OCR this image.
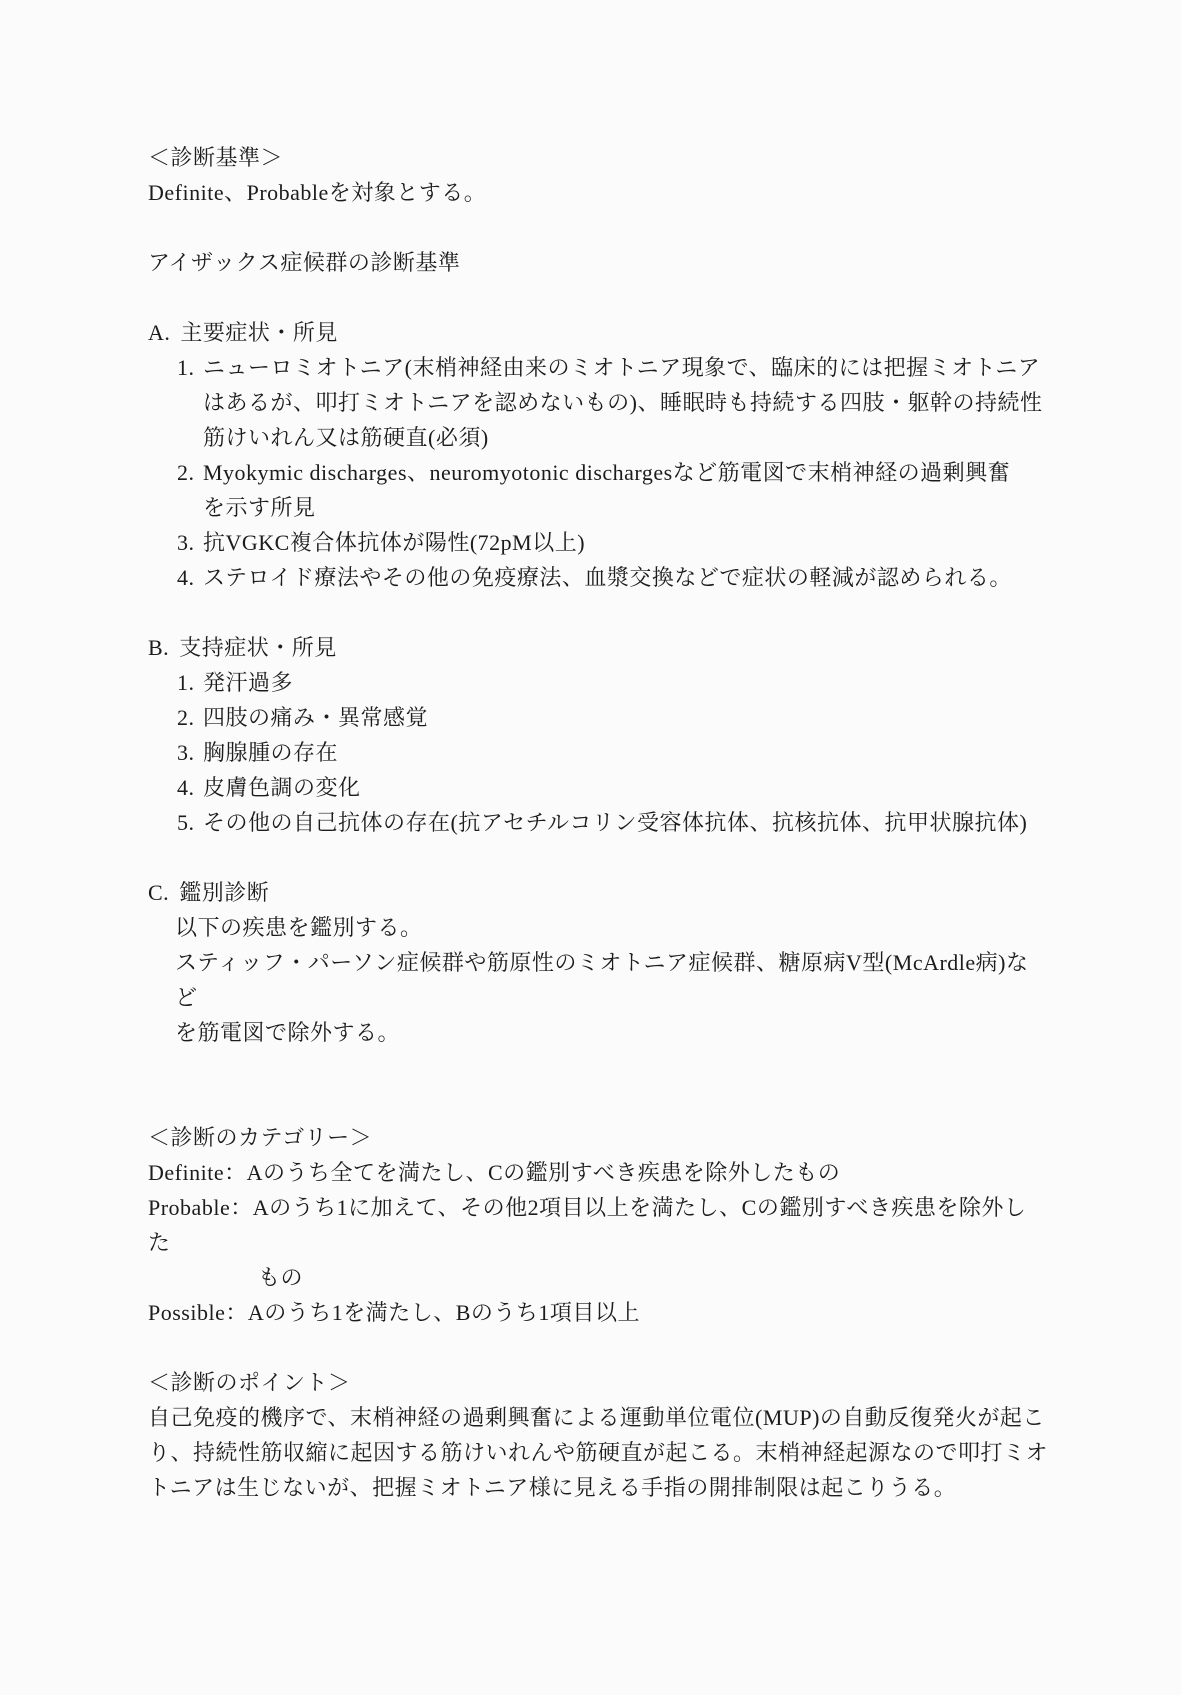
＜診断基準＞
Definite、Probableを対象とする。
アイザックス症候群の診断基準
A. 主要症状・所見
1. ニューロミオトニア(末梢神経由来のミオトニア現象で、臨床的には把握ミオトニア
はあるが、叩打ミオトニアを認めないもの)、睡眠時も持続する四肢・躯幹の持続性
筋けいれん又は筋硬直(必須)
2. Myokymic discharges、neuromyotonic dischargesなど筋電図で末梢神経の過剰興奮
を示す所見
3. 抗VGKC複合体抗体が陽性(72pM以上)
4. ステロイド療法やその他の免疫療法、血漿交換などで症状の軽減が認められる。
B. 支持症状・所見
1. 発汗過多
2. 四肢の痛み・異常感覚
3. 胸腺腫の存在
4. 皮膚色調の変化
5. その他の自己抗体の存在(抗アセチルコリン受容体抗体、抗核抗体、抗甲状腺抗体)
C. 鑑別診断
以下の疾患を鑑別する。
スティッフ・パーソン症候群や筋原性のミオトニア症候群、糖原病V型(McArdle病)など
を筋電図で除外する。
＜診断のカテゴリー＞
Definite：Aのうち全てを満たし、Cの鑑別すべき疾患を除外したもの
Probable：Aのうち1に加えて、その他2項目以上を満たし、Cの鑑別すべき疾患を除外した
もの
Possible：Aのうち1を満たし、Bのうち1項目以上
＜診断のポイント＞
自己免疫的機序で、末梢神経の過剰興奮による運動単位電位(MUP)の自動反復発火が起こ
り、持続性筋収縮に起因する筋けいれんや筋硬直が起こる。末梢神経起源なので叩打ミオ
トニアは生じないが、把握ミオトニア様に見える手指の開排制限は起こりうる。
